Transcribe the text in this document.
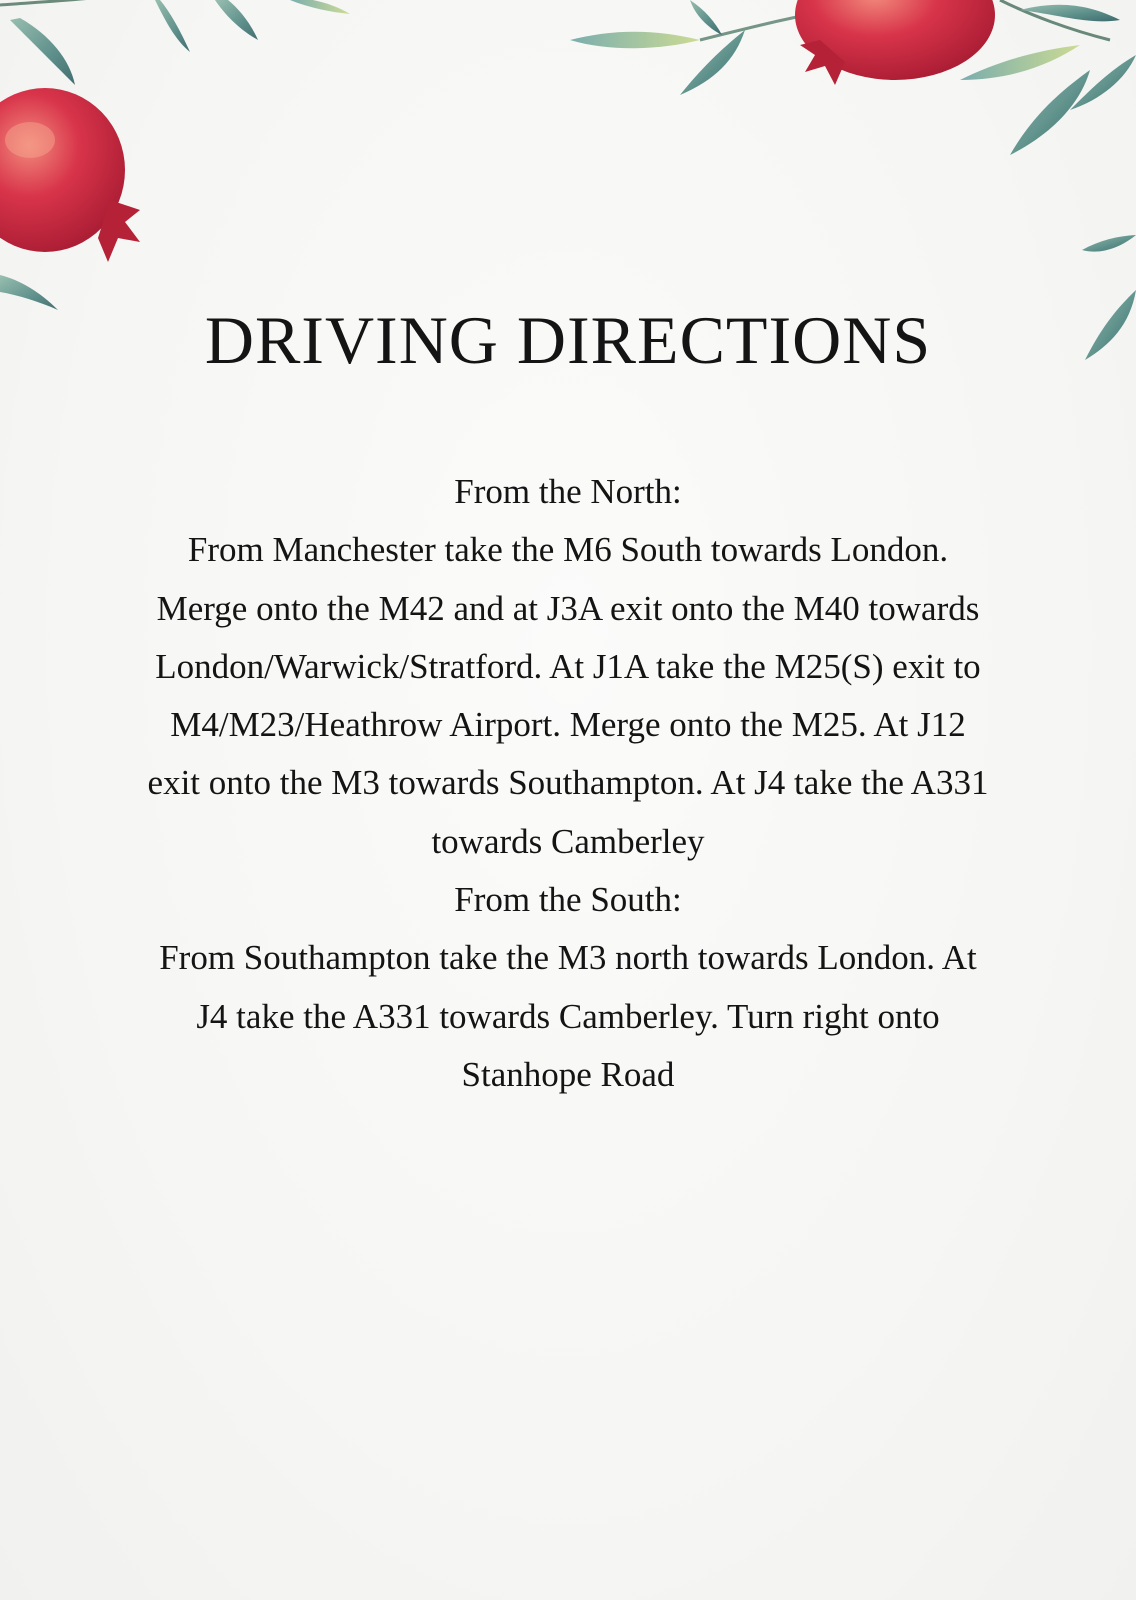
DRIVING DIRECTIONS

From the North:

From Manchester take the M6 South towards London. Merge onto the M42 and at J3A exit onto the M40 towards London/Warwick/Stratford. At J1A take the M25(S) exit to M4/M23/Heathrow Airport. Merge onto the M25. At J12 exit onto the M3 towards Southampton. At J4 take the A331 towards Camberley

From the South:

From Southampton take the M3 north towards London. At J4 take the A331 towards Camberley. Turn right onto Stanhope Road
